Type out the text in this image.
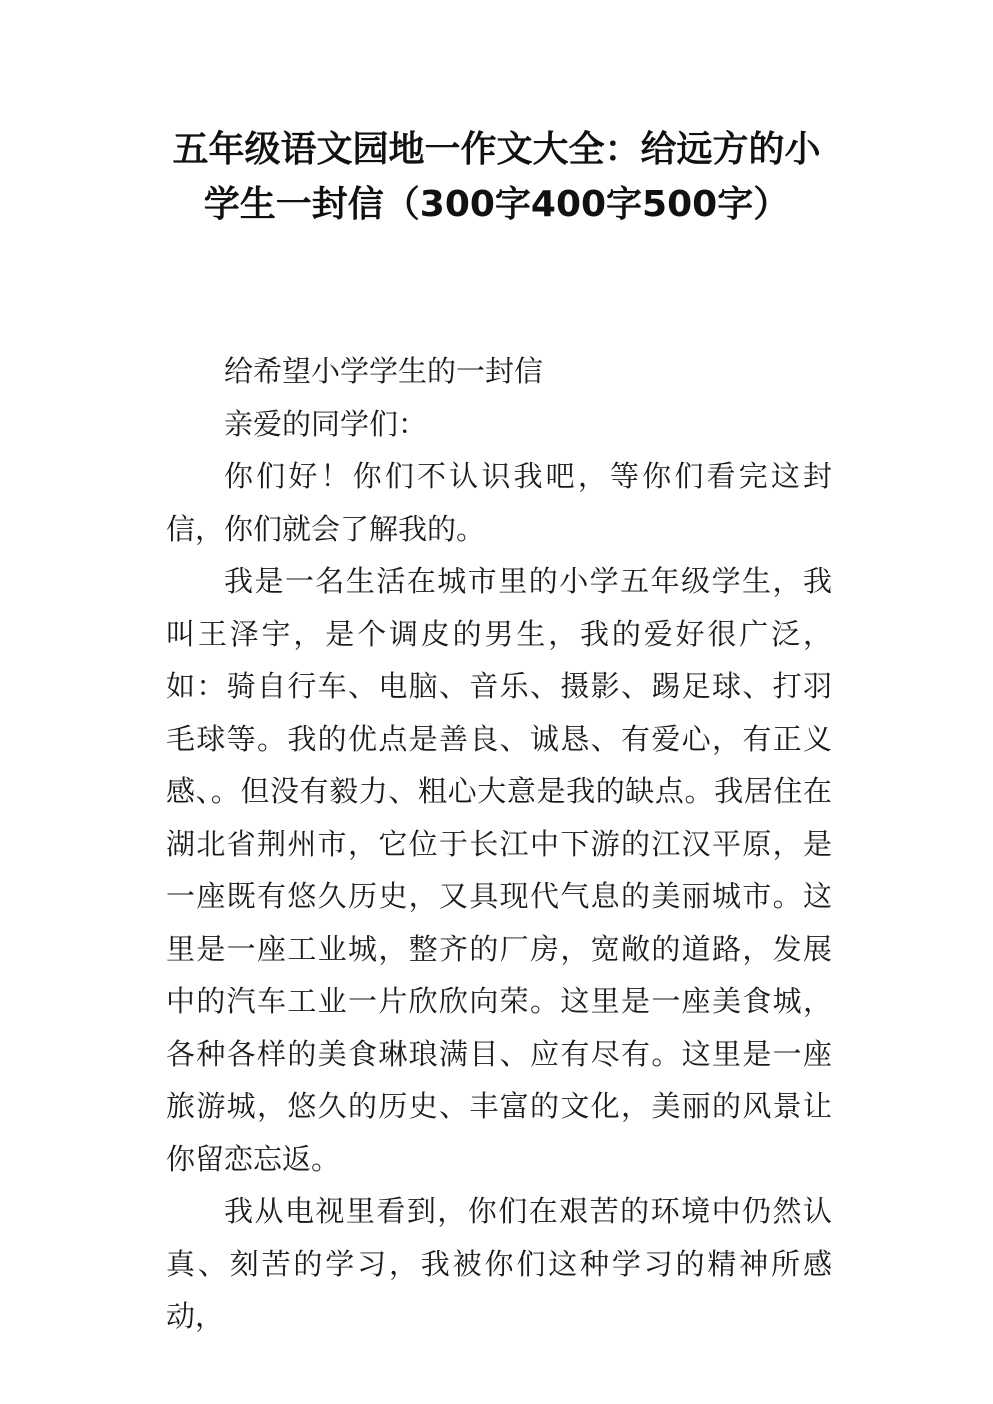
五年级语文园地一作文大全：给远方的小学生一封信（300字400字500字）

给希望小学学生的一封信

亲爱的同学们：

你们好！你们不认识我吧，等你们看完这封信，你们就会了解我的。

我是一名生活在城市里的小学五年级学生，我叫王泽宇，是个调皮的男生，我的爱好很广泛，如：骑自行车、电脑、音乐、摄影、踢足球、打羽毛球等。我的优点是善良、诚恳、有爱心，有正义感、。但没有毅力、粗心大意是我的缺点。我居住在湖北省荆州市，它位于长江中下游的江汉平原，是一座既有悠久历史，又具现代气息的美丽城市。这里是一座工业城，整齐的厂房，宽敞的道路，发展中的汽车工业一片欣欣向荣。这里是一座美食城，各种各样的美食琳琅满目、应有尽有。这里是一座旅游城，悠久的历史、丰富的文化，美丽的风景让你留恋忘返。

我从电视里看到，你们在艰苦的环境中仍然认真、刻苦的学习，我被你们这种学习的精神所感动，
